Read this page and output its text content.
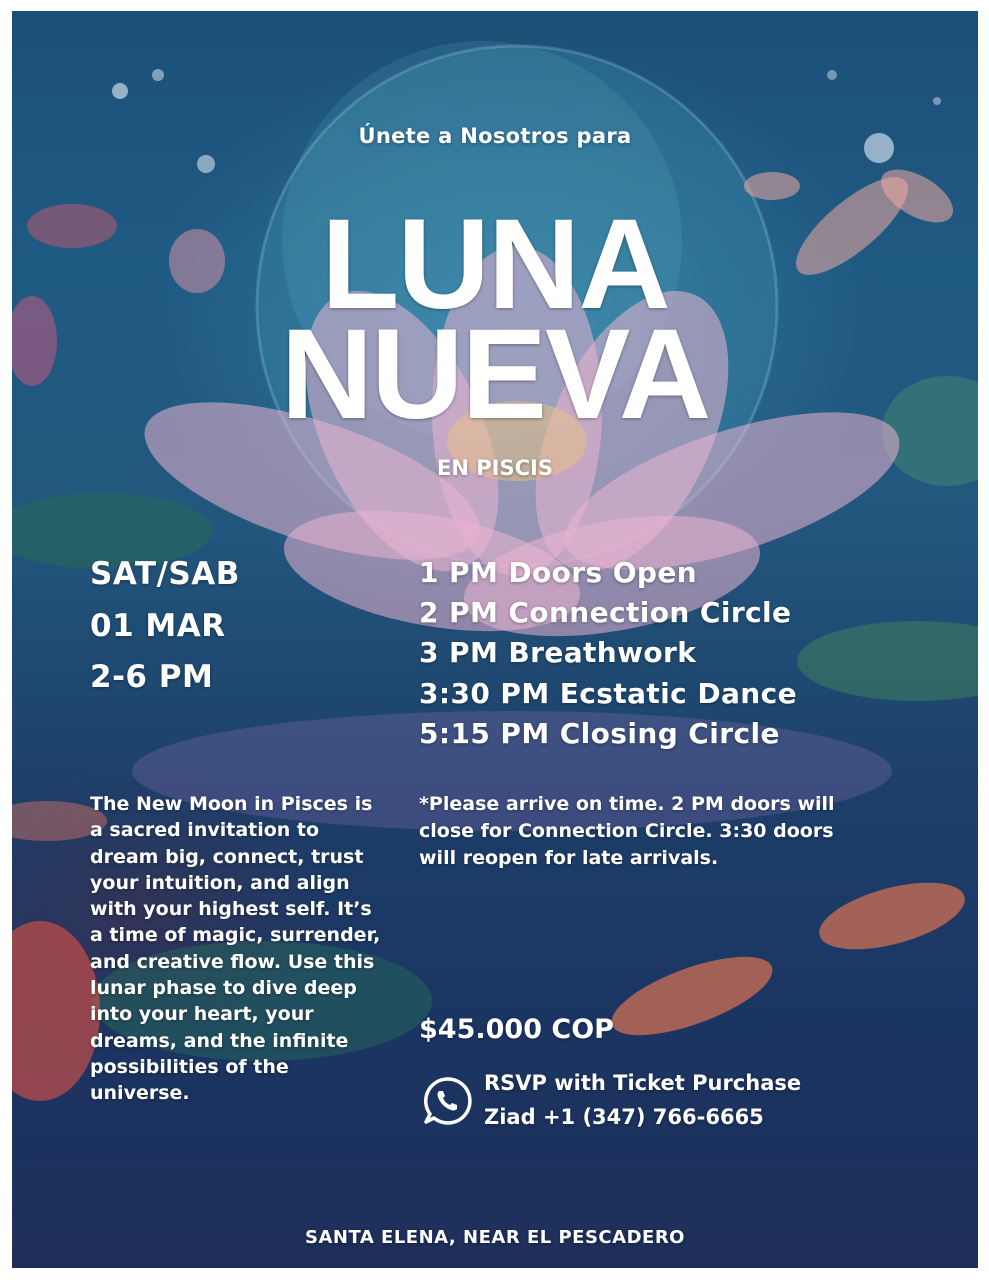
Únete a Nosotros para
LUNA
NUEVA
EN PISCIS
SAT/SAB
01 MAR
2-6 PM
1 PM Doors Open
2 PM Connection Circle
3 PM Breathwork
3:30 PM Ecstatic Dance
5:15 PM Closing Circle
The New Moon in Pisces is a sacred invitation to dream big, connect, trust your intuition, and align with your highest self. It’s a time of magic, surrender, and creative flow. Use this lunar phase to dive deep into your heart, your dreams, and the infinite possibilities of the universe.
*Please arrive on time. 2 PM doors will close for Connection Circle. 3:30 doors will reopen for late arrivals.
$45.000 COP
RSVP with Ticket Purchase
Ziad +1 (347) 766-6665
SANTA ELENA, NEAR EL PESCADERO
